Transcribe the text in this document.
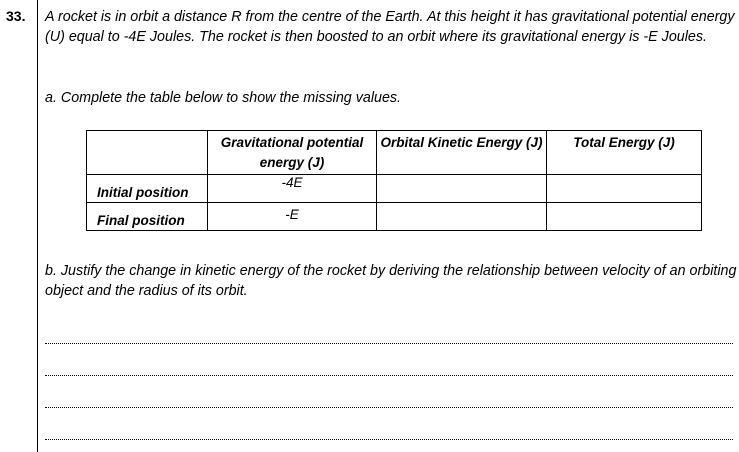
33. A rocket is in orbit a distance R from the centre of the Earth. At this height it has gravitational potential energy (U) equal to -4E Joules. The rocket is then boosted to an orbit where its gravitational energy is -E Joules.
a. Complete the table below to show the missing values.
	Gravitational potential energy (J)	Orbital Kinetic Energy (J)	Total Energy (J)
Initial position	-4E		
Final position	-E		
b. Justify the change in kinetic energy of the rocket by deriving the relationship between velocity of an orbiting object and the radius of its orbit.
